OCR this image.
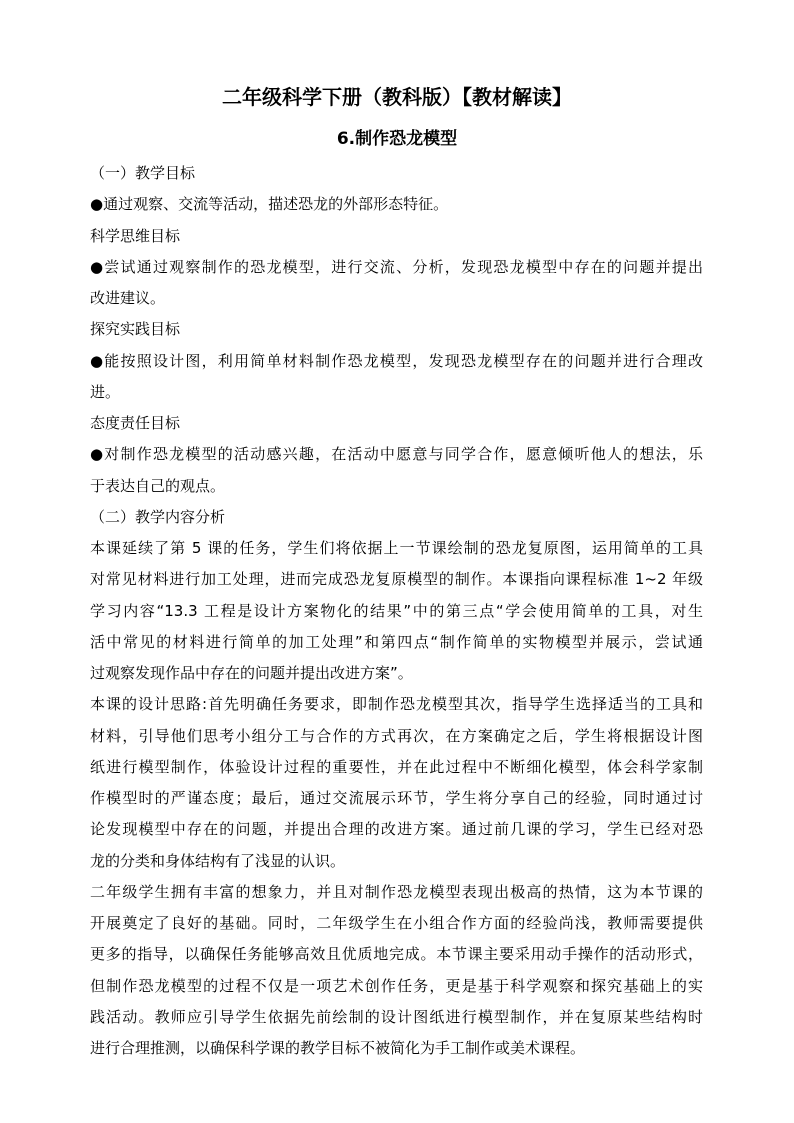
二年级科学下册（教科版）【教材解读】
6.制作恐龙模型
（一）教学目标
●通过观察、交流等活动，描述恐龙的外部形态特征。
科学思维目标
●尝试通过观察制作的恐龙模型，进行交流、分析，发现恐龙模型中存在的问题并提出
改进建议。
探究实践目标
●能按照设计图，利用简单材料制作恐龙模型，发现恐龙模型存在的问题并进行合理改
进。
态度责任目标
●对制作恐龙模型的活动感兴趣，在活动中愿意与同学合作，愿意倾听他人的想法，乐
于表达自己的观点。
（二）教学内容分析
本课延续了第 5 课的任务，学生们将依据上一节课绘制的恐龙复原图，运用简单的工具
对常见材料进行加工处理，进而完成恐龙复原模型的制作。本课指向课程标准 1~2 年级
学习内容“13.3 工程是设计方案物化的结果”中的第三点“学会使用简单的工具，对生
活中常见的材料进行简单的加工处理”和第四点“制作简单的实物模型并展示，尝试通
过观察发现作品中存在的问题并提出改进方案”。
本课的设计思路:首先明确任务要求，即制作恐龙模型其次，指导学生选择适当的工具和
材料，引导他们思考小组分工与合作的方式再次，在方案确定之后，学生将根据设计图
纸进行模型制作，体验设计过程的重要性，并在此过程中不断细化模型，体会科学家制
作模型时的严谨态度；最后，通过交流展示环节，学生将分享自己的经验，同时通过讨
论发现模型中存在的问题，并提出合理的改进方案。通过前几课的学习，学生已经对恐
龙的分类和身体结构有了浅显的认识。
二年级学生拥有丰富的想象力，并且对制作恐龙模型表现出极高的热情，这为本节课的
开展奠定了良好的基础。同时，二年级学生在小组合作方面的经验尚浅，教师需要提供
更多的指导，以确保任务能够高效且优质地完成。本节课主要采用动手操作的活动形式，
但制作恐龙模型的过程不仅是一项艺术创作任务，更是基于科学观察和探究基础上的实
践活动。教师应引导学生依据先前绘制的设计图纸进行模型制作，并在复原某些结构时
进行合理推测，以确保科学课的教学目标不被简化为手工制作或美术课程。
